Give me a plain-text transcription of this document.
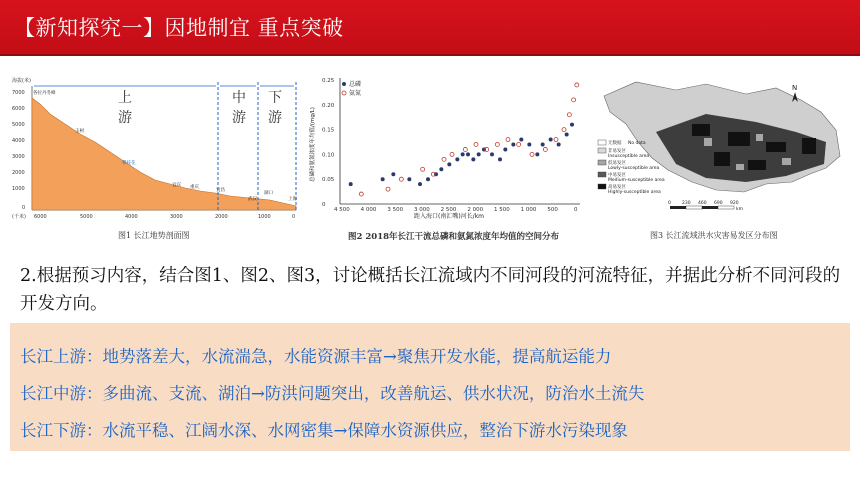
【新知探究一】因地制宜 重点突破
7000
6000
5000
4000
3000
2000
1000
0
海拔(米)
6000	5000	4000	3000	2000	1000	0
(千米)
上
游
中
游
下
游
各拉丹冬峰
玉树
攀枝花
宜宾 重庆
宜昌
武汉
湖口
上海
图1 长江地势剖面图
0
0.05
0.10
0.15
0.20
0.25
4 500 4 000 3 500 3 000 2 500 2 000 1 500 1 000 500	0
总磷
氨氮
距入海口(南汇嘴)河长/km
总磷和氨氮浓度年均值/(mg/L)
图2 2018年长江干流总磷和氨氮浓度年均值的空间分布
N
无数据 No data
非易发区
Insusceptible area
低易发区
Lowly-susceptible area
中易发区
Medium-susceptible area
高易发区
Highly-susceptible area
0 230 460 690 920
km
图3 长江流域洪水灾害易发区分布图
2.根据预习内容，结合图1、图2、图3，讨论概括长江流域内不同河段的河流特征，并据此分析不同河段的开发方向。
长江上游：地势落差大，水流湍急，水能资源丰富→聚焦开发水能，提高航运能力
长江中游：多曲流、支流、湖泊→防洪问题突出，改善航运、供水状况，防治水土流失
长江下游：水流平稳、江阔水深、水网密集→保障水资源供应，整治下游水污染现象
